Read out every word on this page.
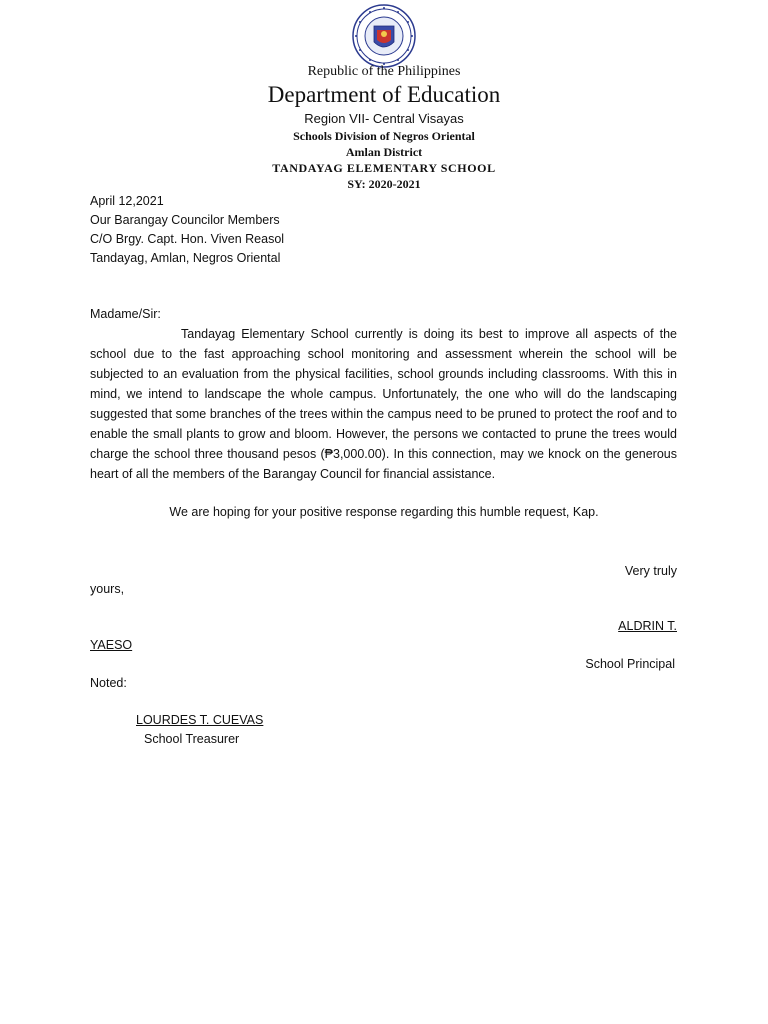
Republic of the Philippines
Department of Education
Region VII- Central Visayas
Schools Division of Negros Oriental
Amlan District
TANDAYAG ELEMENTARY SCHOOL
SY: 2020-2021
April 12,2021
Our Barangay Councilor Members
C/O Brgy. Capt. Hon. Viven Reasol
Tandayag, Amlan, Negros Oriental
Madame/Sir:
Tandayag Elementary School currently is doing its best to improve all aspects of the school due to the fast approaching school monitoring and assessment wherein the school will be subjected to an evaluation from the physical facilities, school grounds including classrooms. With this in mind, we intend to landscape the whole campus. Unfortunately, the one who will do the landscaping suggested that some branches of the trees within the campus need to be pruned to protect the roof and to enable the small plants to grow and bloom. However, the persons we contacted to prune the trees would charge the school three thousand pesos (₱3,000.00). In this connection, may we knock on the generous heart of all the members of the Barangay Council for financial assistance.
We are hoping for your positive response regarding this humble request, Kap.
Very truly
yours,
ALDRIN T.
YAESO
School Principal
Noted:
LOURDES T. CUEVAS
School Treasurer
